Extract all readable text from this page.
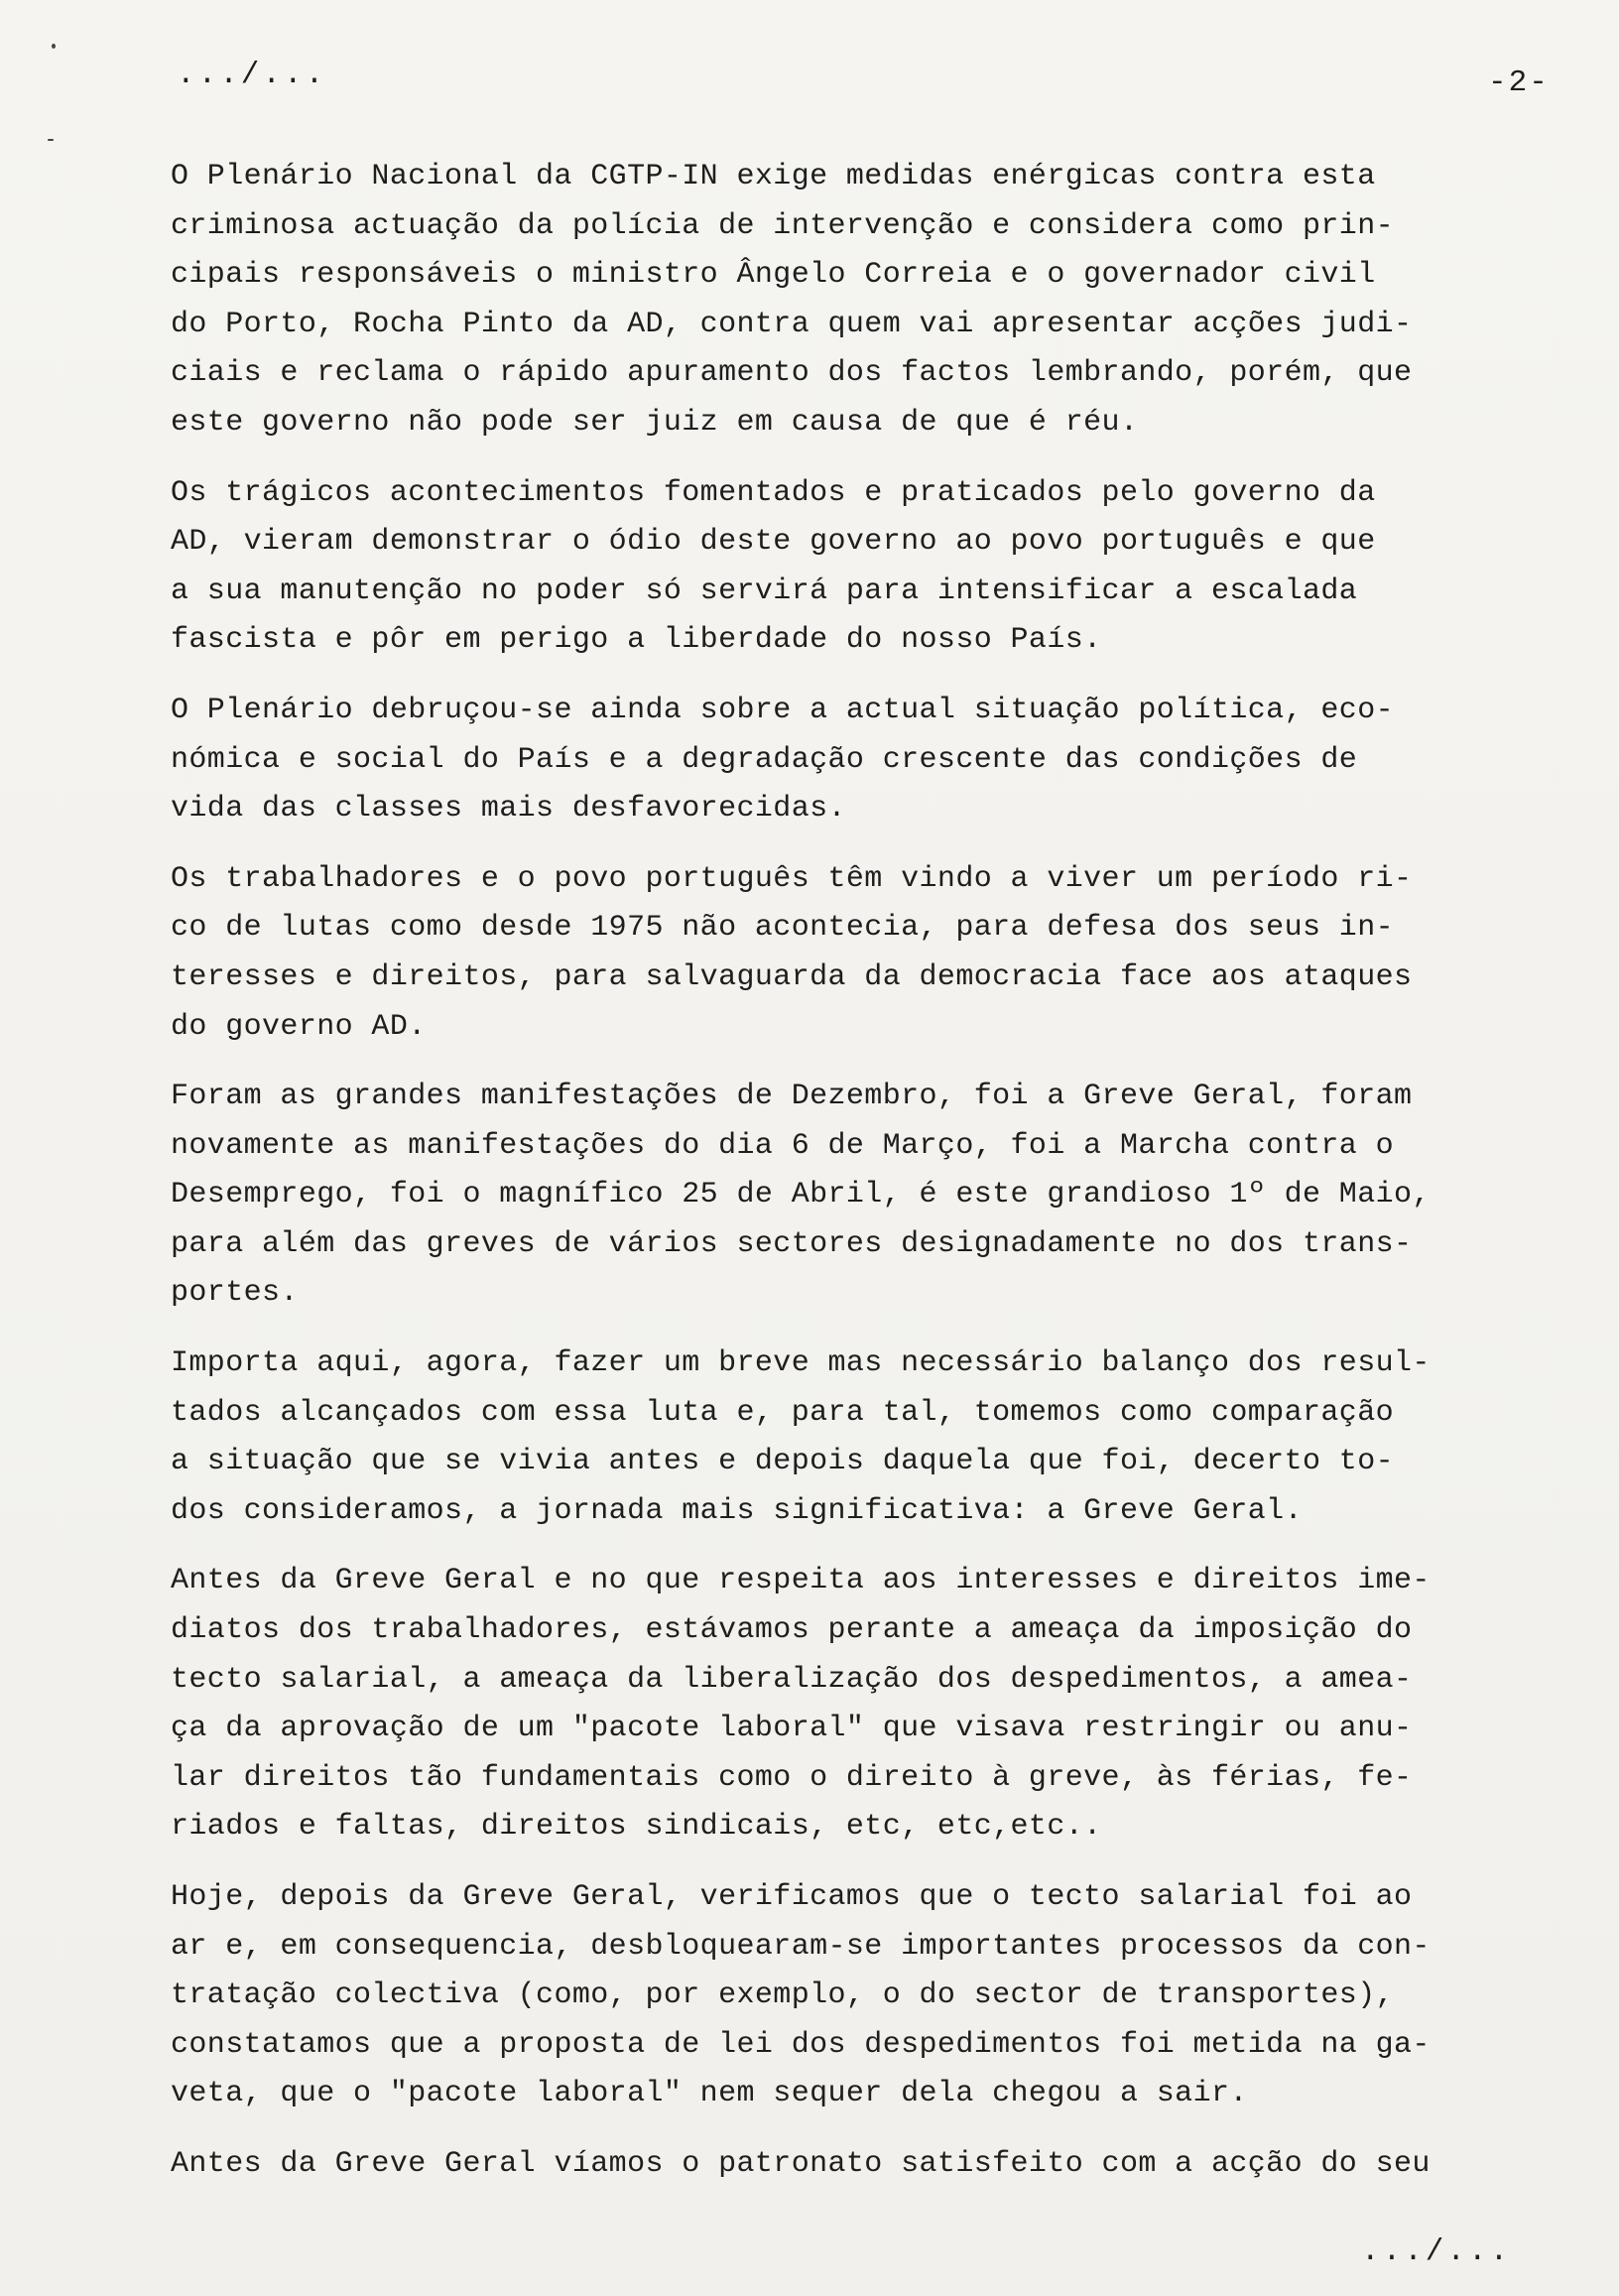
.../...	-2-
O Plenário Nacional da CGTP-IN exige medidas enérgicas contra esta
criminosa actuação da polícia de intervenção e considera como prin-
cipais responsáveis o ministro Ângelo Correia e o governador civil
do Porto, Rocha Pinto da AD, contra quem vai apresentar acções judi-
ciais e reclama o rápido apuramento dos factos lembrando, porém, que
este governo não pode ser juiz em causa de que é réu.
Os trágicos acontecimentos fomentados e praticados pelo governo da
AD, vieram demonstrar o ódio deste governo ao povo português e que
a sua manutenção no poder só servirá para intensificar a escalada
fascista e pôr em perigo a liberdade do nosso País.
O Plenário debruçou-se ainda sobre a actual situação política, eco-
nómica e social do País e a degradação crescente das condições de
vida das classes mais desfavorecidas.
Os trabalhadores e o povo português têm vindo a viver um período ri-
co de lutas como desde 1975 não acontecia, para defesa dos seus in-
teresses e direitos, para salvaguarda da democracia face aos ataques
do governo AD.
Foram as grandes manifestações de Dezembro, foi a Greve Geral, foram
novamente as manifestações do dia 6 de Março, foi a Marcha contra o
Desemprego, foi o magnífico 25 de Abril, é este grandioso 1º de Maio,
para além das greves de vários sectores designadamente no dos trans-
portes.
Importa aqui, agora, fazer um breve mas necessário balanço dos resul-
tados alcançados com essa luta e, para tal, tomemos como comparação
a situação que se vivia antes e depois daquela que foi, decerto to-
dos consideramos, a jornada mais significativa: a Greve Geral.
Antes da Greve Geral e no que respeita aos interesses e direitos ime-
diatos dos trabalhadores, estávamos perante a ameaça da imposição do
tecto salarial, a ameaça da liberalização dos despedimentos, a amea-
ça da aprovação de um "pacote laboral" que visava restringir ou anu-
lar direitos tão fundamentais como o direito à greve, às férias, fe-
riados e faltas, direitos sindicais, etc, etc,etc..
Hoje, depois da Greve Geral, verificamos que o tecto salarial foi ao
ar e, em consequencia, desbloquearam-se importantes processos da con-
tratação colectiva (como, por exemplo, o do sector de transportes),
constatamos que a proposta de lei dos despedimentos foi metida na ga-
veta, que o "pacote laboral" nem sequer dela chegou a sair.
Antes da Greve Geral víamos o patronato satisfeito com a acção do seu
.../...
